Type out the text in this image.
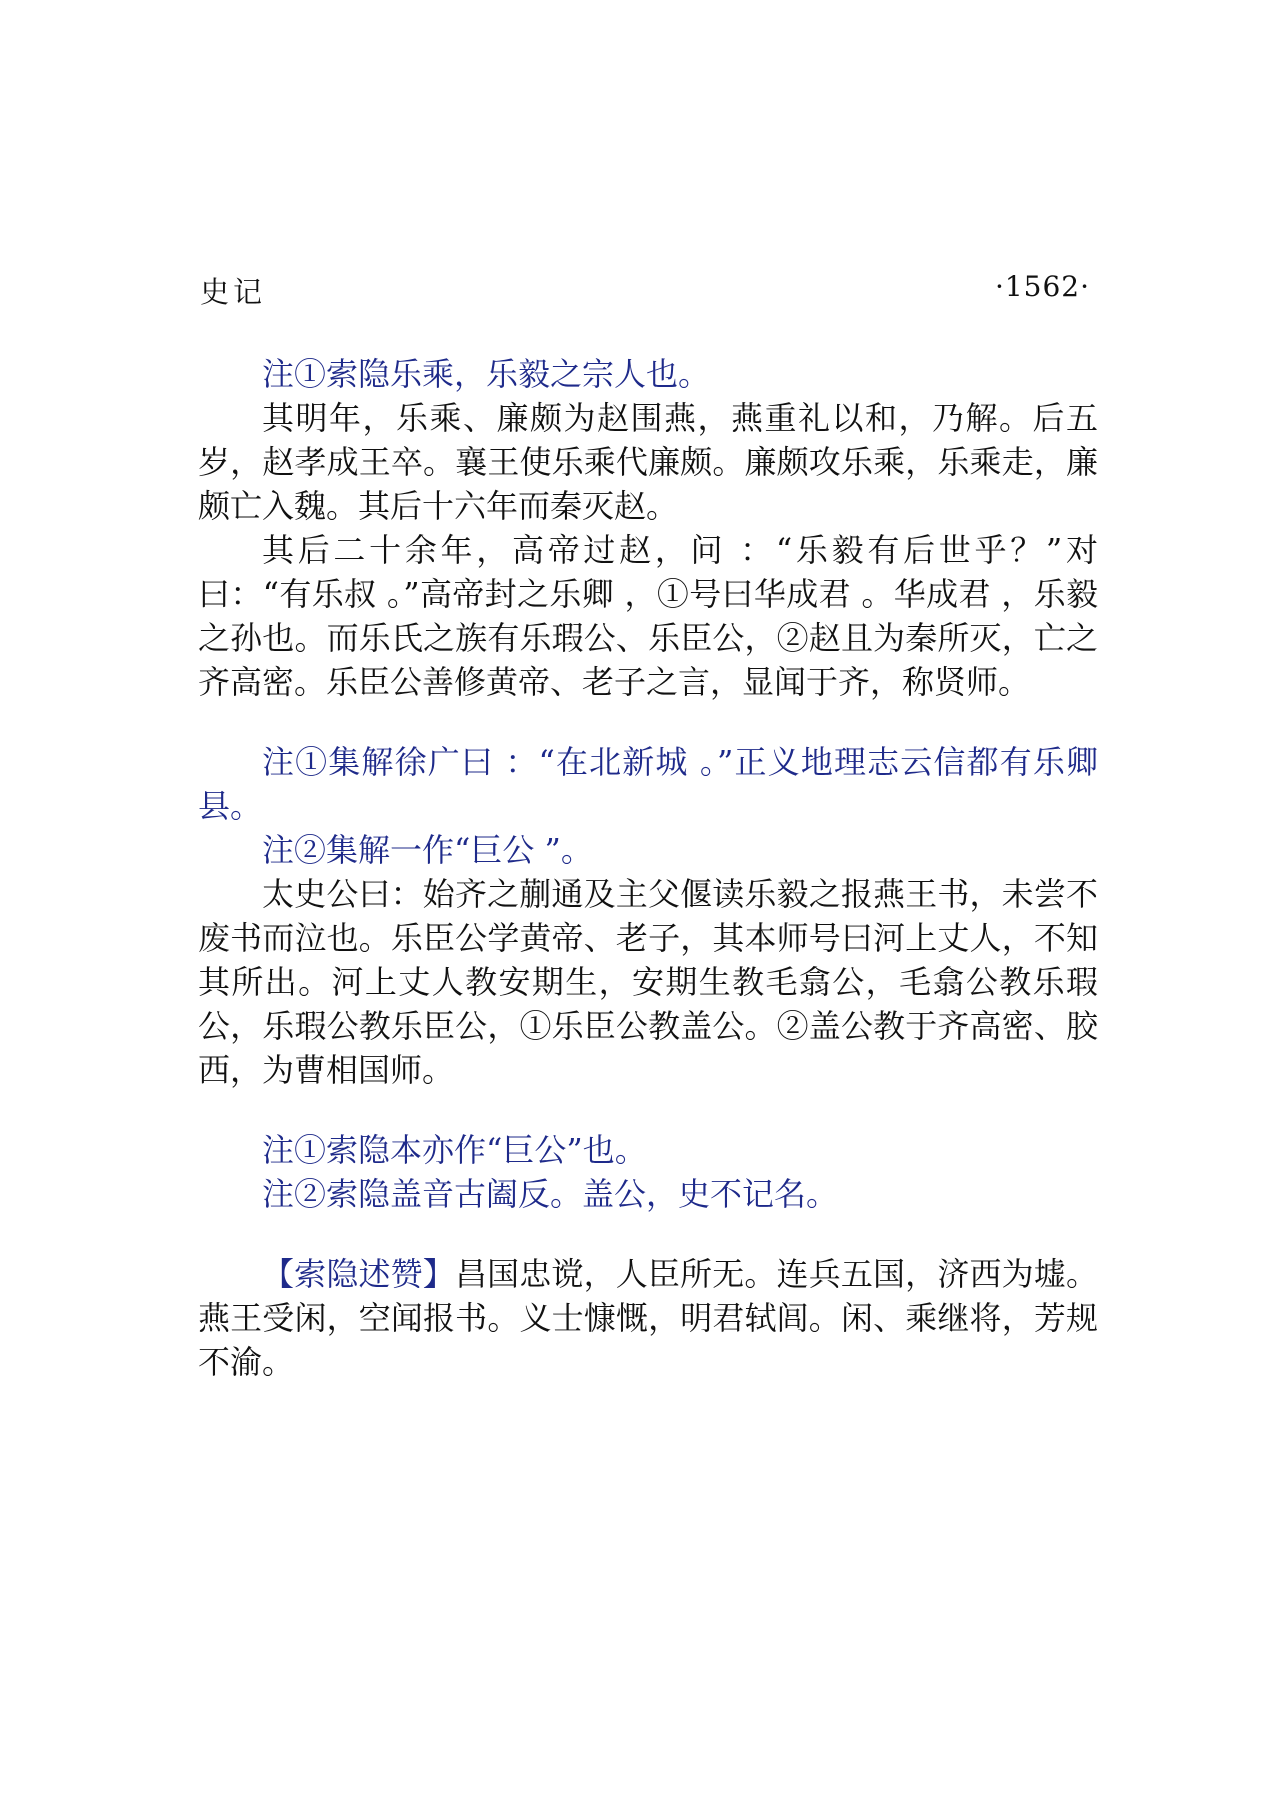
史记	·1562·

注①索隐乐乘，乐毅之宗人也。

其明年，乐乘、廉颇为赵围燕，燕重礼以和，乃解。后五岁，赵孝成王卒。襄王使乐乘代廉颇。廉颇攻乐乘，乐乘走，廉颇亡入魏。其后十六年而秦灭赵。

其后二十余年，高帝过赵，问 ：“乐毅有后世乎？”对曰：“有乐叔 。”高帝封之乐卿 ，①号曰华成君 。华成君 ，乐毅之孙也。而乐氏之族有乐瑕公、乐臣公，②赵且为秦所灭，亡之齐高密。乐臣公善修黄帝、老子之言，显闻于齐，称贤师。

注①集解徐广曰 ：“在北新城 。”正义地理志云信都有乐卿县。

注②集解一作“巨公 ”。

太史公曰：始齐之蒯通及主父偃读乐毅之报燕王书，未尝不废书而泣也。乐臣公学黄帝、老子，其本师号曰河上丈人，不知其所出。河上丈人教安期生，安期生教毛翕公，毛翕公教乐瑕公，乐瑕公教乐臣公，①乐臣公教盖公。②盖公教于齐高密、胶西，为曹相国师。

注①索隐本亦作“巨公”也。

注②索隐盖音古阖反。盖公，史不记名。

【索隐述赞】昌国忠谠，人臣所无。连兵五国，济西为墟。燕王受闲，空闻报书。义士慷慨，明君轼闾。闲、乘继将，芳规不渝。
